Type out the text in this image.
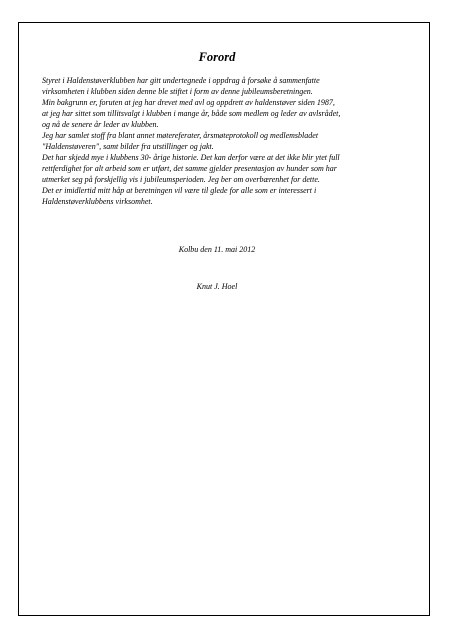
Forord
Styret i Haldenstøverklubben har gitt undertegnede i oppdrag å forsøke å sammenfatte
virksomheten i klubben siden denne ble stiftet i form av denne jubileumsberetningen.
Min bakgrunn er, foruten at jeg har drevet med avl og oppdrett av haldenstøver siden 1987,
at jeg har sittet som tillitsvalgt i klubben i mange år, både som medlem og leder av avlsrådet,
og nå de senere år leder av klubben.
Jeg har samlet stoff fra blant annet møtereferater, årsmøteprotokoll og medlemsbladet
"Haldenstøveren", samt bilder fra utstillinger og jakt.
Det har skjedd mye i klubbens 30- årige historie. Det kan derfor være at det ikke blir ytet full
rettferdighet for alt arbeid som er utført, det samme gjelder presentasjon av hunder som har
utmerket seg på forskjellig vis i jubileumsperioden. Jeg ber om overbærenhet for dette.
Det er imidlertid mitt håp at beretningen vil være til glede for alle som er interessert i
Haldenstøverklubbens virksomhet.
Kolbu den 11. mai 2012
Knut J. Hoel
